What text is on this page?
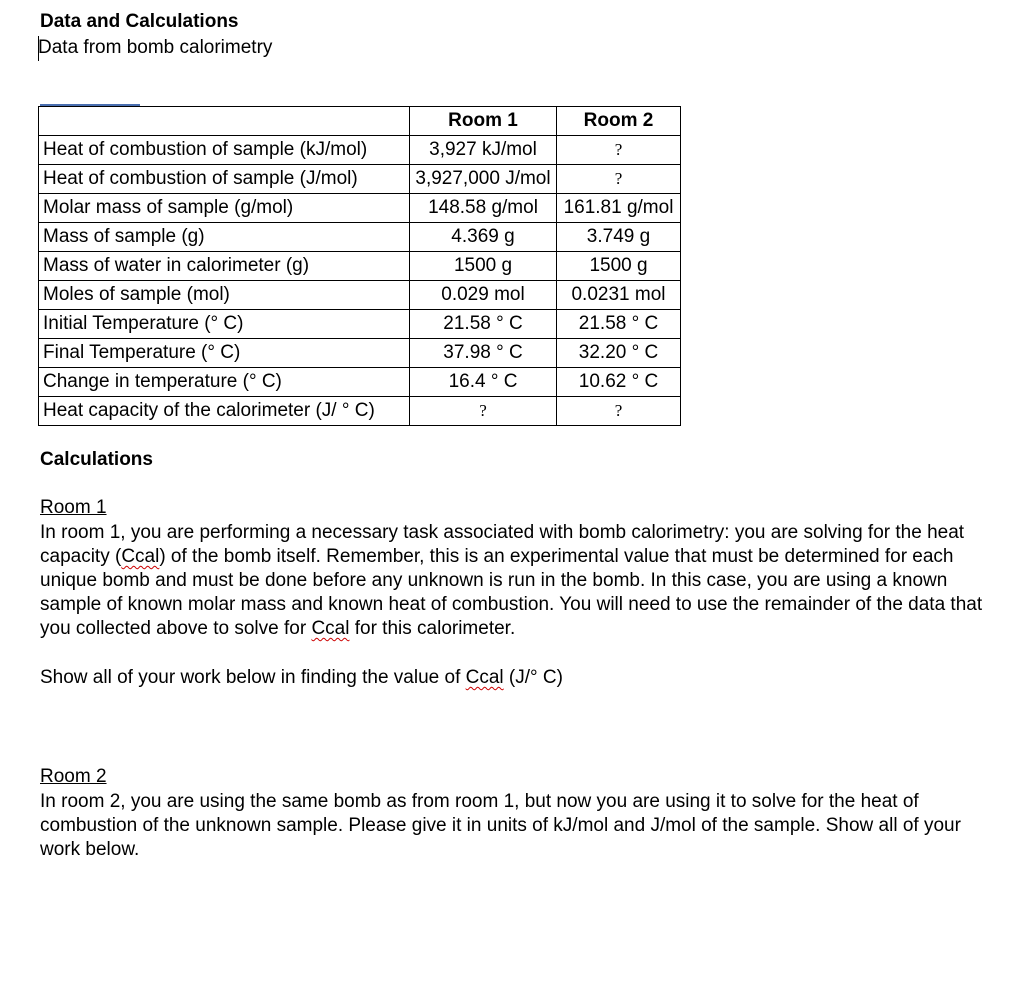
Data and Calculations
Data from bomb calorimetry
	Room 1	Room 2
Heat of combustion of sample (kJ/mol)	3,927 kJ/mol	?
Heat of combustion of sample (J/mol)	3,927,000 J/mol	?
Molar mass of sample (g/mol)	148.58 g/mol	161.81 g/mol
Mass of sample (g)	4.369 g	3.749 g
Mass of water in calorimeter (g)	1500 g	1500 g
Moles of sample (mol)	0.029 mol	0.0231 mol
Initial Temperature (° C)	21.58 ° C	21.58 ° C
Final Temperature (° C)	37.98 ° C	32.20 ° C
Change in temperature (° C)	16.4 ° C	10.62 ° C
Heat capacity of the calorimeter (J/ ° C)	?	?
Calculations
Room 1
In room 1, you are performing a necessary task associated with bomb calorimetry: you are solving for the heat capacity (Ccal) of the bomb itself. Remember, this is an experimental value that must be determined for each unique bomb and must be done before any unknown is run in the bomb. In this case, you are using a known sample of known molar mass and known heat of combustion. You will need to use the remainder of the data that you collected above to solve for Ccal for this calorimeter.
Show all of your work below in finding the value of Ccal (J/° C)
Room 2
In room 2, you are using the same bomb as from room 1, but now you are using it to solve for the heat of combustion of the unknown sample. Please give it in units of kJ/mol and J/mol of the sample. Show all of your work below.
